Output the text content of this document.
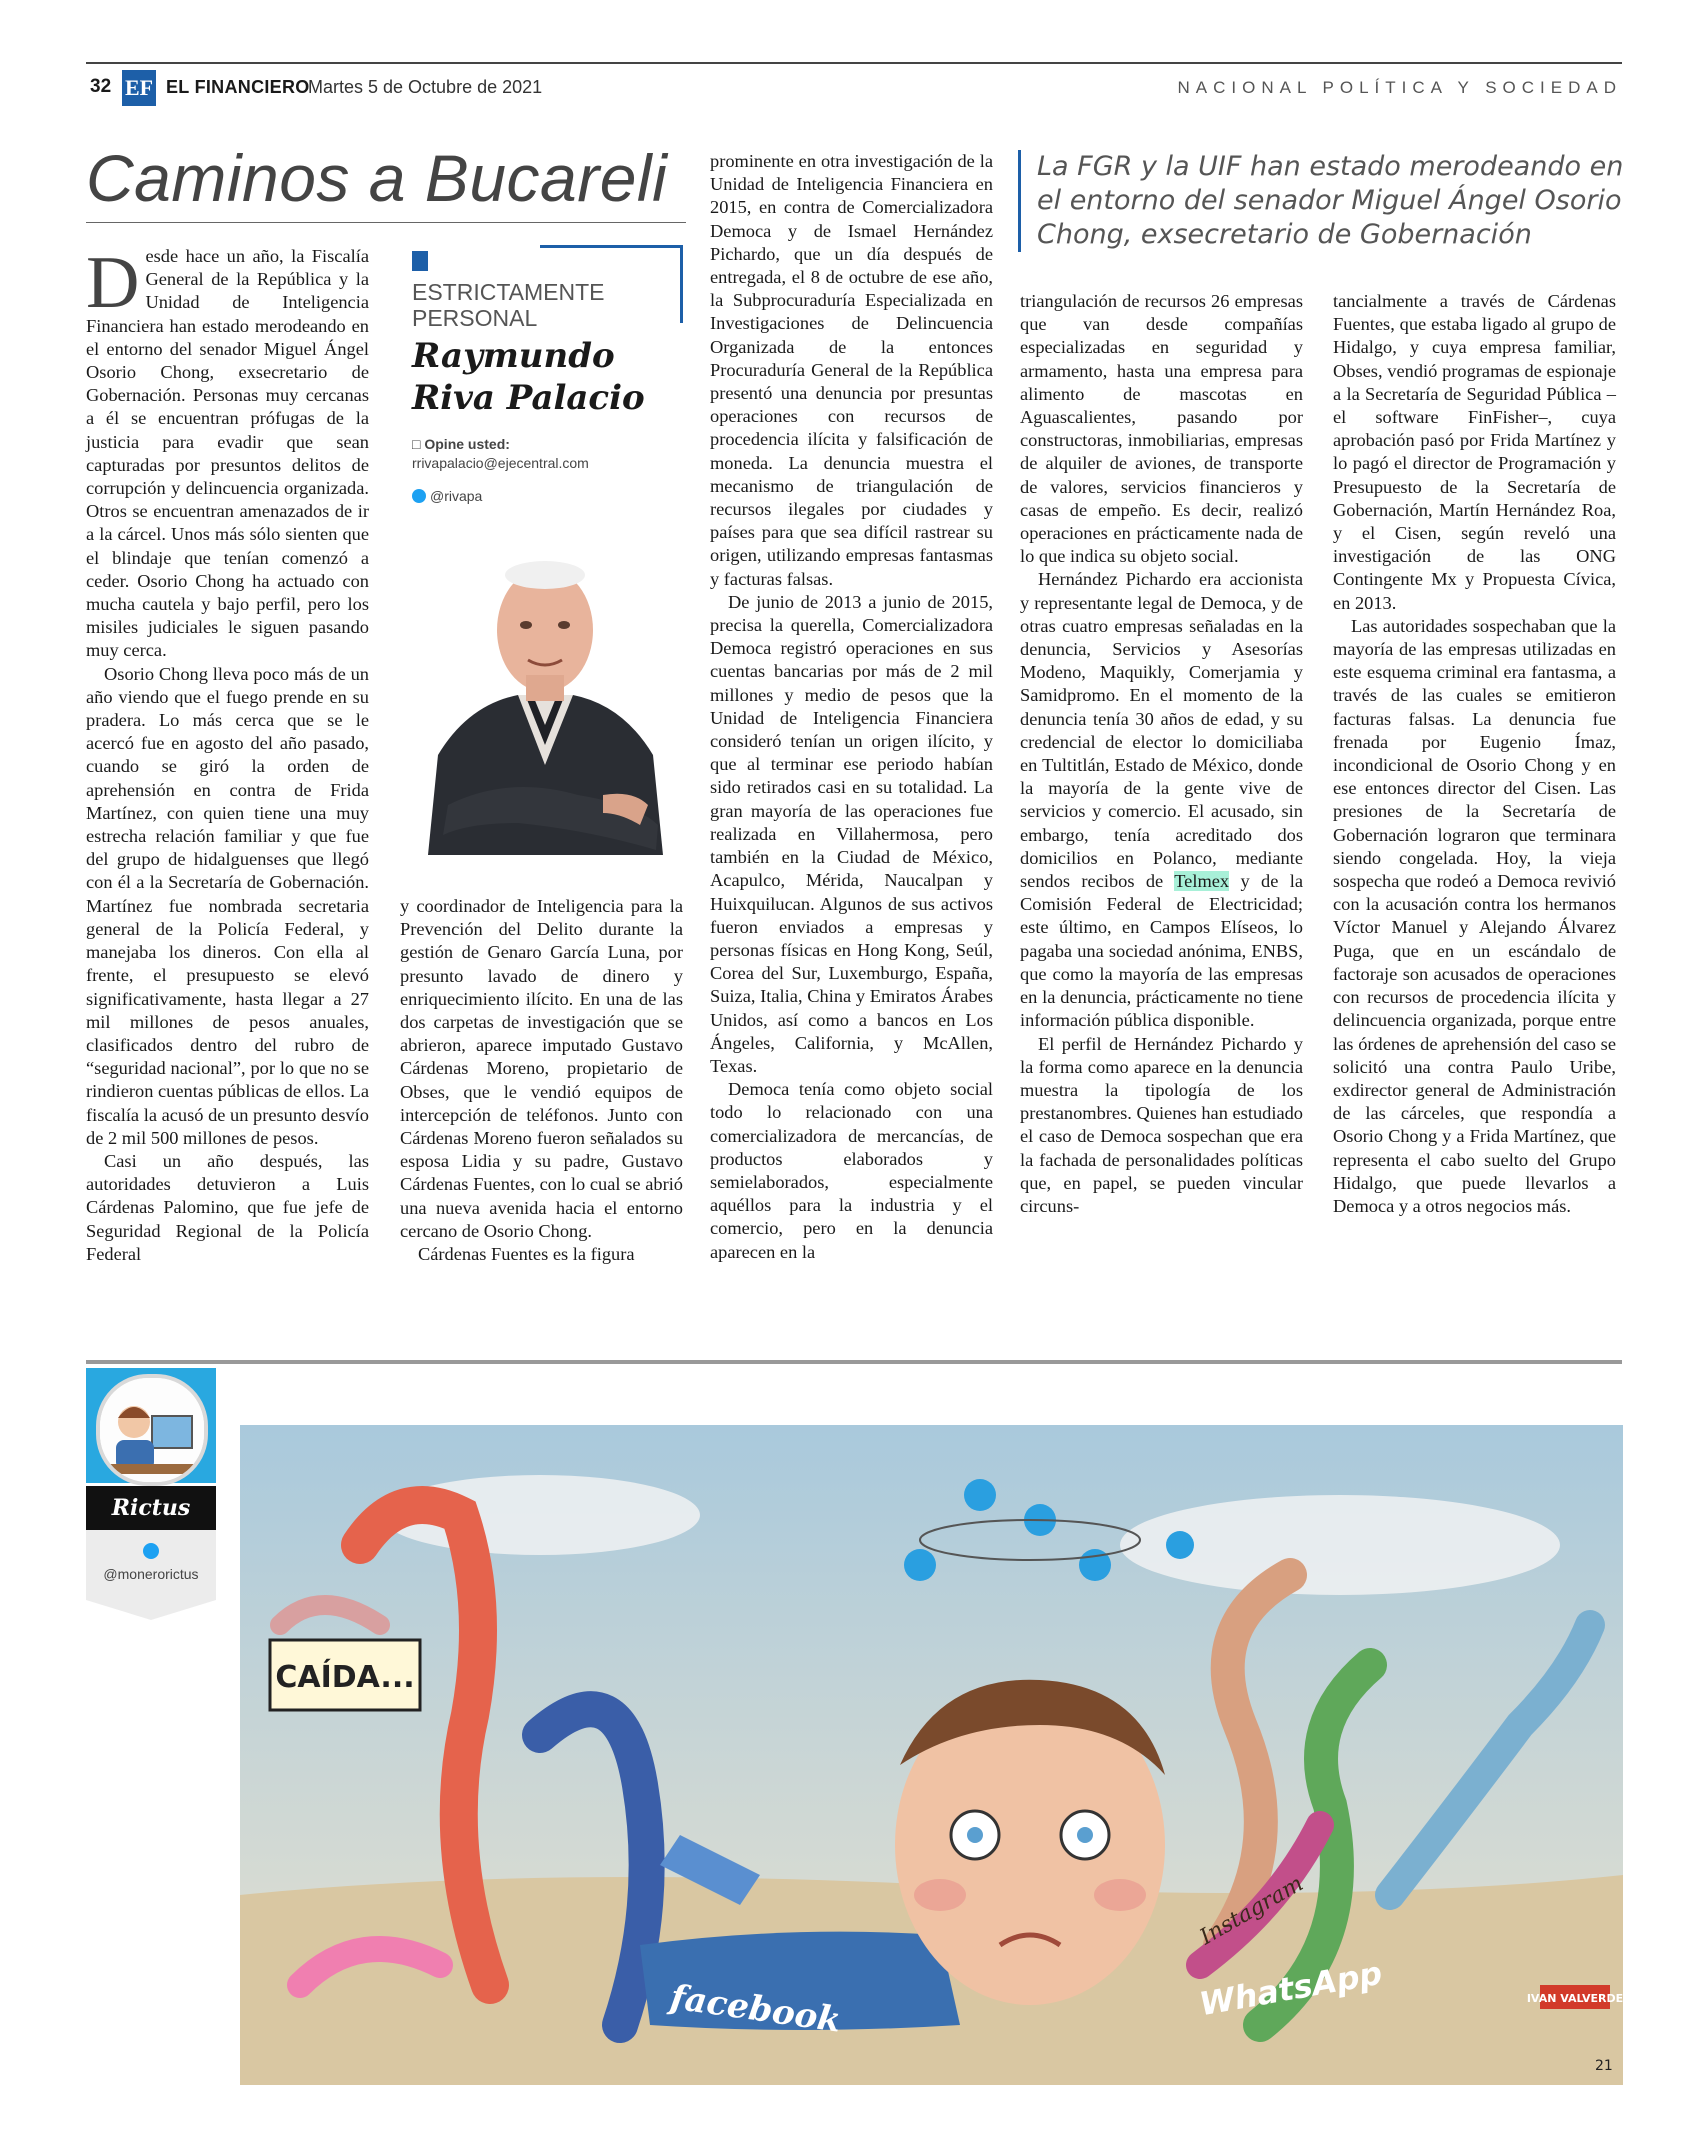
32 EF EL FINANCIERO
Martes 5 de Octubre de 2021	NACIONAL POLÍTICA Y SOCIEDAD
Caminos a Bucareli

Desde hace un año, la Fiscalía General de la República y la Unidad de Inteligencia Financiera han estado merodeando en el entorno del senador Miguel Ángel Osorio Chong, exsecretario de Gobernación. Personas muy cercanas a él se encuentran prófugas de la justicia para evadir que sean capturadas por presuntos delitos de corrupción y delincuencia organizada. Otros se encuentran amenazados de ir a la cárcel. Unos más sólo sienten que el blindaje que tenían comenzó a ceder. Osorio Chong ha actuado con mucha cautela y bajo perfil, pero los misiles judiciales le siguen pasando muy cerca.

Osorio Chong lleva poco más de un año viendo que el fuego prende en su pradera. Lo más cerca que se le acercó fue en agosto del año pasado, cuando se giró la orden de aprehensión en contra de Frida Martínez, con quien tiene una muy estrecha relación familiar y que fue del grupo de hidalguenses que llegó con él a la Secretaría de Gobernación. Martínez fue nombrada secretaria general de la Policía Federal, y manejaba los dineros. Con ella al frente, el presupuesto se elevó significativamente, hasta llegar a 27 mil millones de pesos anuales, clasificados dentro del rubro de “seguridad nacional”, por lo que no se rindieron cuentas públicas de ellos. La fiscalía la acusó de un presunto desvío de 2 mil 500 millones de pesos.

Casi un año después, las autoridades detuvieron a Luis Cárdenas Palomino, que fue jefe de Seguridad Regional de la Policía Federal

ESTRICTAMENTE
PERSONAL
Raymundo
Riva Palacio
□ Opine usted:
rrivapalacio@ejecentral.com
@rivapa

y coordinador de Inteligencia para la Prevención del Delito durante la gestión de Genaro García Luna, por presunto lavado de dinero y enriquecimiento ilícito. En una de las dos carpetas de investigación que se abrieron, aparece imputado Gustavo Cárdenas Moreno, propietario de Obses, que le vendió equipos de intercepción de teléfonos. Junto con Cárdenas Moreno fueron señalados su esposa Lidia y su padre, Gustavo Cárdenas Fuentes, con lo cual se abrió una nueva avenida hacia el entorno cercano de Osorio Chong.

Cárdenas Fuentes es la figura

prominente en otra investigación de la Unidad de Inteligencia Financiera en 2015, en contra de Comercializadora Democa y de Ismael Hernández Pichardo, que un día después de entregada, el 8 de octubre de ese año, la Subprocuraduría Especializada en Investigaciones de Delincuencia Organizada de la entonces Procuraduría General de la República presentó una denuncia por presuntas operaciones con recursos de procedencia ilícita y falsificación de moneda. La denuncia muestra el mecanismo de triangulación de recursos ilegales por ciudades y países para que sea difícil rastrear su origen, utilizando empresas fantasmas y facturas falsas.

De junio de 2013 a junio de 2015, precisa la querella, Comercializadora Democa registró operaciones en sus cuentas bancarias por más de 2 mil millones y medio de pesos que la Unidad de Inteligencia Financiera consideró tenían un origen ilícito, y que al terminar ese periodo habían sido retirados casi en su totalidad. La gran mayoría de las operaciones fue realizada en Villahermosa, pero también en la Ciudad de México, Acapulco, Mérida, Naucalpan y Huixquilucan. Algunos de sus activos fueron enviados a empresas y personas físicas en Hong Kong, Seúl, Corea del Sur, Luxemburgo, España, Suiza, Italia, China y Emiratos Árabes Unidos, así como a bancos en Los Ángeles, California, y McAllen, Texas.

Democa tenía como objeto social todo lo relacionado con una comercializadora de mercancías, de productos elaborados y semielaborados, especialmente aquéllos para la industria y el comercio, pero en la denuncia aparecen en la

La FGR y la UIF han estado merodeando en el entorno del senador Miguel Ángel Osorio Chong, exsecretario de Gobernación

triangulación de recursos 26 empresas que van desde compañías especializadas en seguridad y armamento, hasta una empresa para alimento de mascotas en Aguascalientes, pasando por constructoras, inmobiliarias, empresas de alquiler de aviones, de transporte de valores, servicios financieros y casas de empeño. Es decir, realizó operaciones en prácticamente nada de lo que indica su objeto social.

Hernández Pichardo era accionista y representante legal de Democa, y de otras cuatro empresas señaladas en la denuncia, Servicios y Asesorías Modeno, Maquikly, Comerjamia y Samidpromo. En el momento de la denuncia tenía 30 años de edad, y su credencial de elector lo domiciliaba en Tultitlán, Estado de México, donde la mayoría de la gente vive de servicios y comercio. El acusado, sin embargo, tenía acreditado dos domicilios en Polanco, mediante sendos recibos de Telmex y de la Comisión Federal de Electricidad; este último, en Campos Elíseos, lo pagaba una sociedad anónima, ENBS, que como la mayoría de las empresas en la denuncia, prácticamente no tiene información pública disponible.

El perfil de Hernández Pichardo y la forma como aparece en la denuncia muestra la tipología de los prestanombres. Quienes han estudiado el caso de Democa sospechan que era la fachada de personalidades políticas que, en papel, se pueden vincular circuns-

tancialmente a través de Cárdenas Fuentes, que estaba ligado al grupo de Hidalgo, y cuya empresa familiar, Obses, vendió programas de espionaje a la Secretaría de Seguridad Pública –el software FinFisher–, cuya aprobación pasó por Frida Martínez y lo pagó el director de Programación y Presupuesto de la Secretaría de Gobernación, Martín Hernández Roa, y el Cisen, según reveló una investigación de las ONG Contingente Mx y Propuesta Cívica, en 2013.

Las autoridades sospechaban que la mayoría de las empresas utilizadas en este esquema criminal era fantasma, a través de las cuales se emitieron facturas falsas. La denuncia fue frenada por Eugenio Ímaz, incondicional de Osorio Chong y en ese entonces director del Cisen. Las presiones de la Secretaría de Gobernación lograron que terminara siendo congelada. Hoy, la vieja sospecha que rodeó a Democa revivió con la acusación contra los hermanos Víctor Manuel y Alejando Álvarez Puga, que en un escándalo de factoraje son acusados de operaciones con recursos de procedencia ilícita y delincuencia organizada, porque entre las órdenes de aprehensión del caso se solicitó una contra Paulo Uribe, exdirector general de Administración de las cárceles, que respondía a Osorio Chong y a Frida Martínez, que representa el cabo suelto del Grupo Hidalgo, que puede llevarlos a Democa y a otros negocios más.

Rictus
@monerorictus
CAÍDA...
facebook
Instagram
WhatsApp	IVAN VALVERDE
21
